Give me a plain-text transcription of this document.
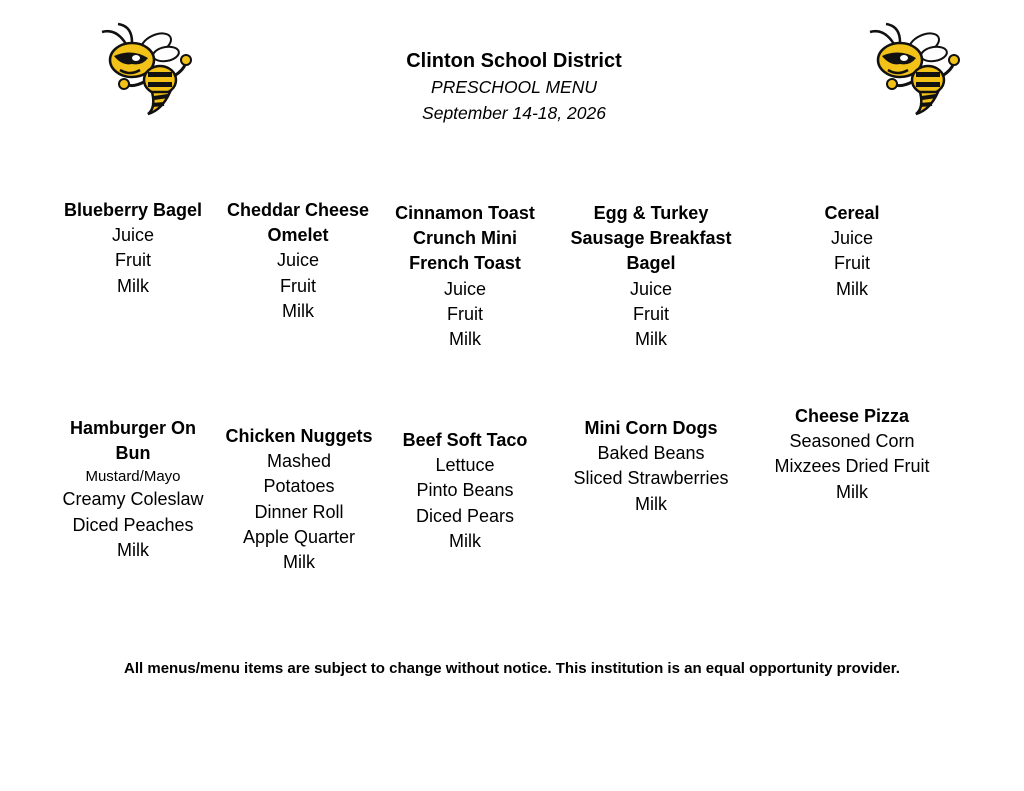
Clinton School District
PRESCHOOL MENU
September 14-18, 2026
Blueberry Bagel
Juice
Fruit
Milk
Cheddar Cheese
Omelet
Juice
Fruit
Milk
Cinnamon Toast
Crunch Mini
French Toast
Juice
Fruit
Milk
Egg & Turkey
Sausage Breakfast
Bagel
Juice
Fruit
Milk
Cereal
Juice
Fruit
Milk
Hamburger On
Bun
Mustard/Mayo
Creamy Coleslaw
Diced Peaches
Milk
Chicken Nuggets
Mashed
Potatoes
Dinner Roll
Apple Quarter
Milk
Beef Soft Taco
Lettuce
Pinto Beans
Diced Pears
Milk
Mini Corn Dogs
Baked Beans
Sliced Strawberries
Milk
Cheese Pizza
Seasoned Corn
Mixzees Dried Fruit
Milk
All menus/menu items are subject to change without notice. This institution is an equal opportunity provider.
